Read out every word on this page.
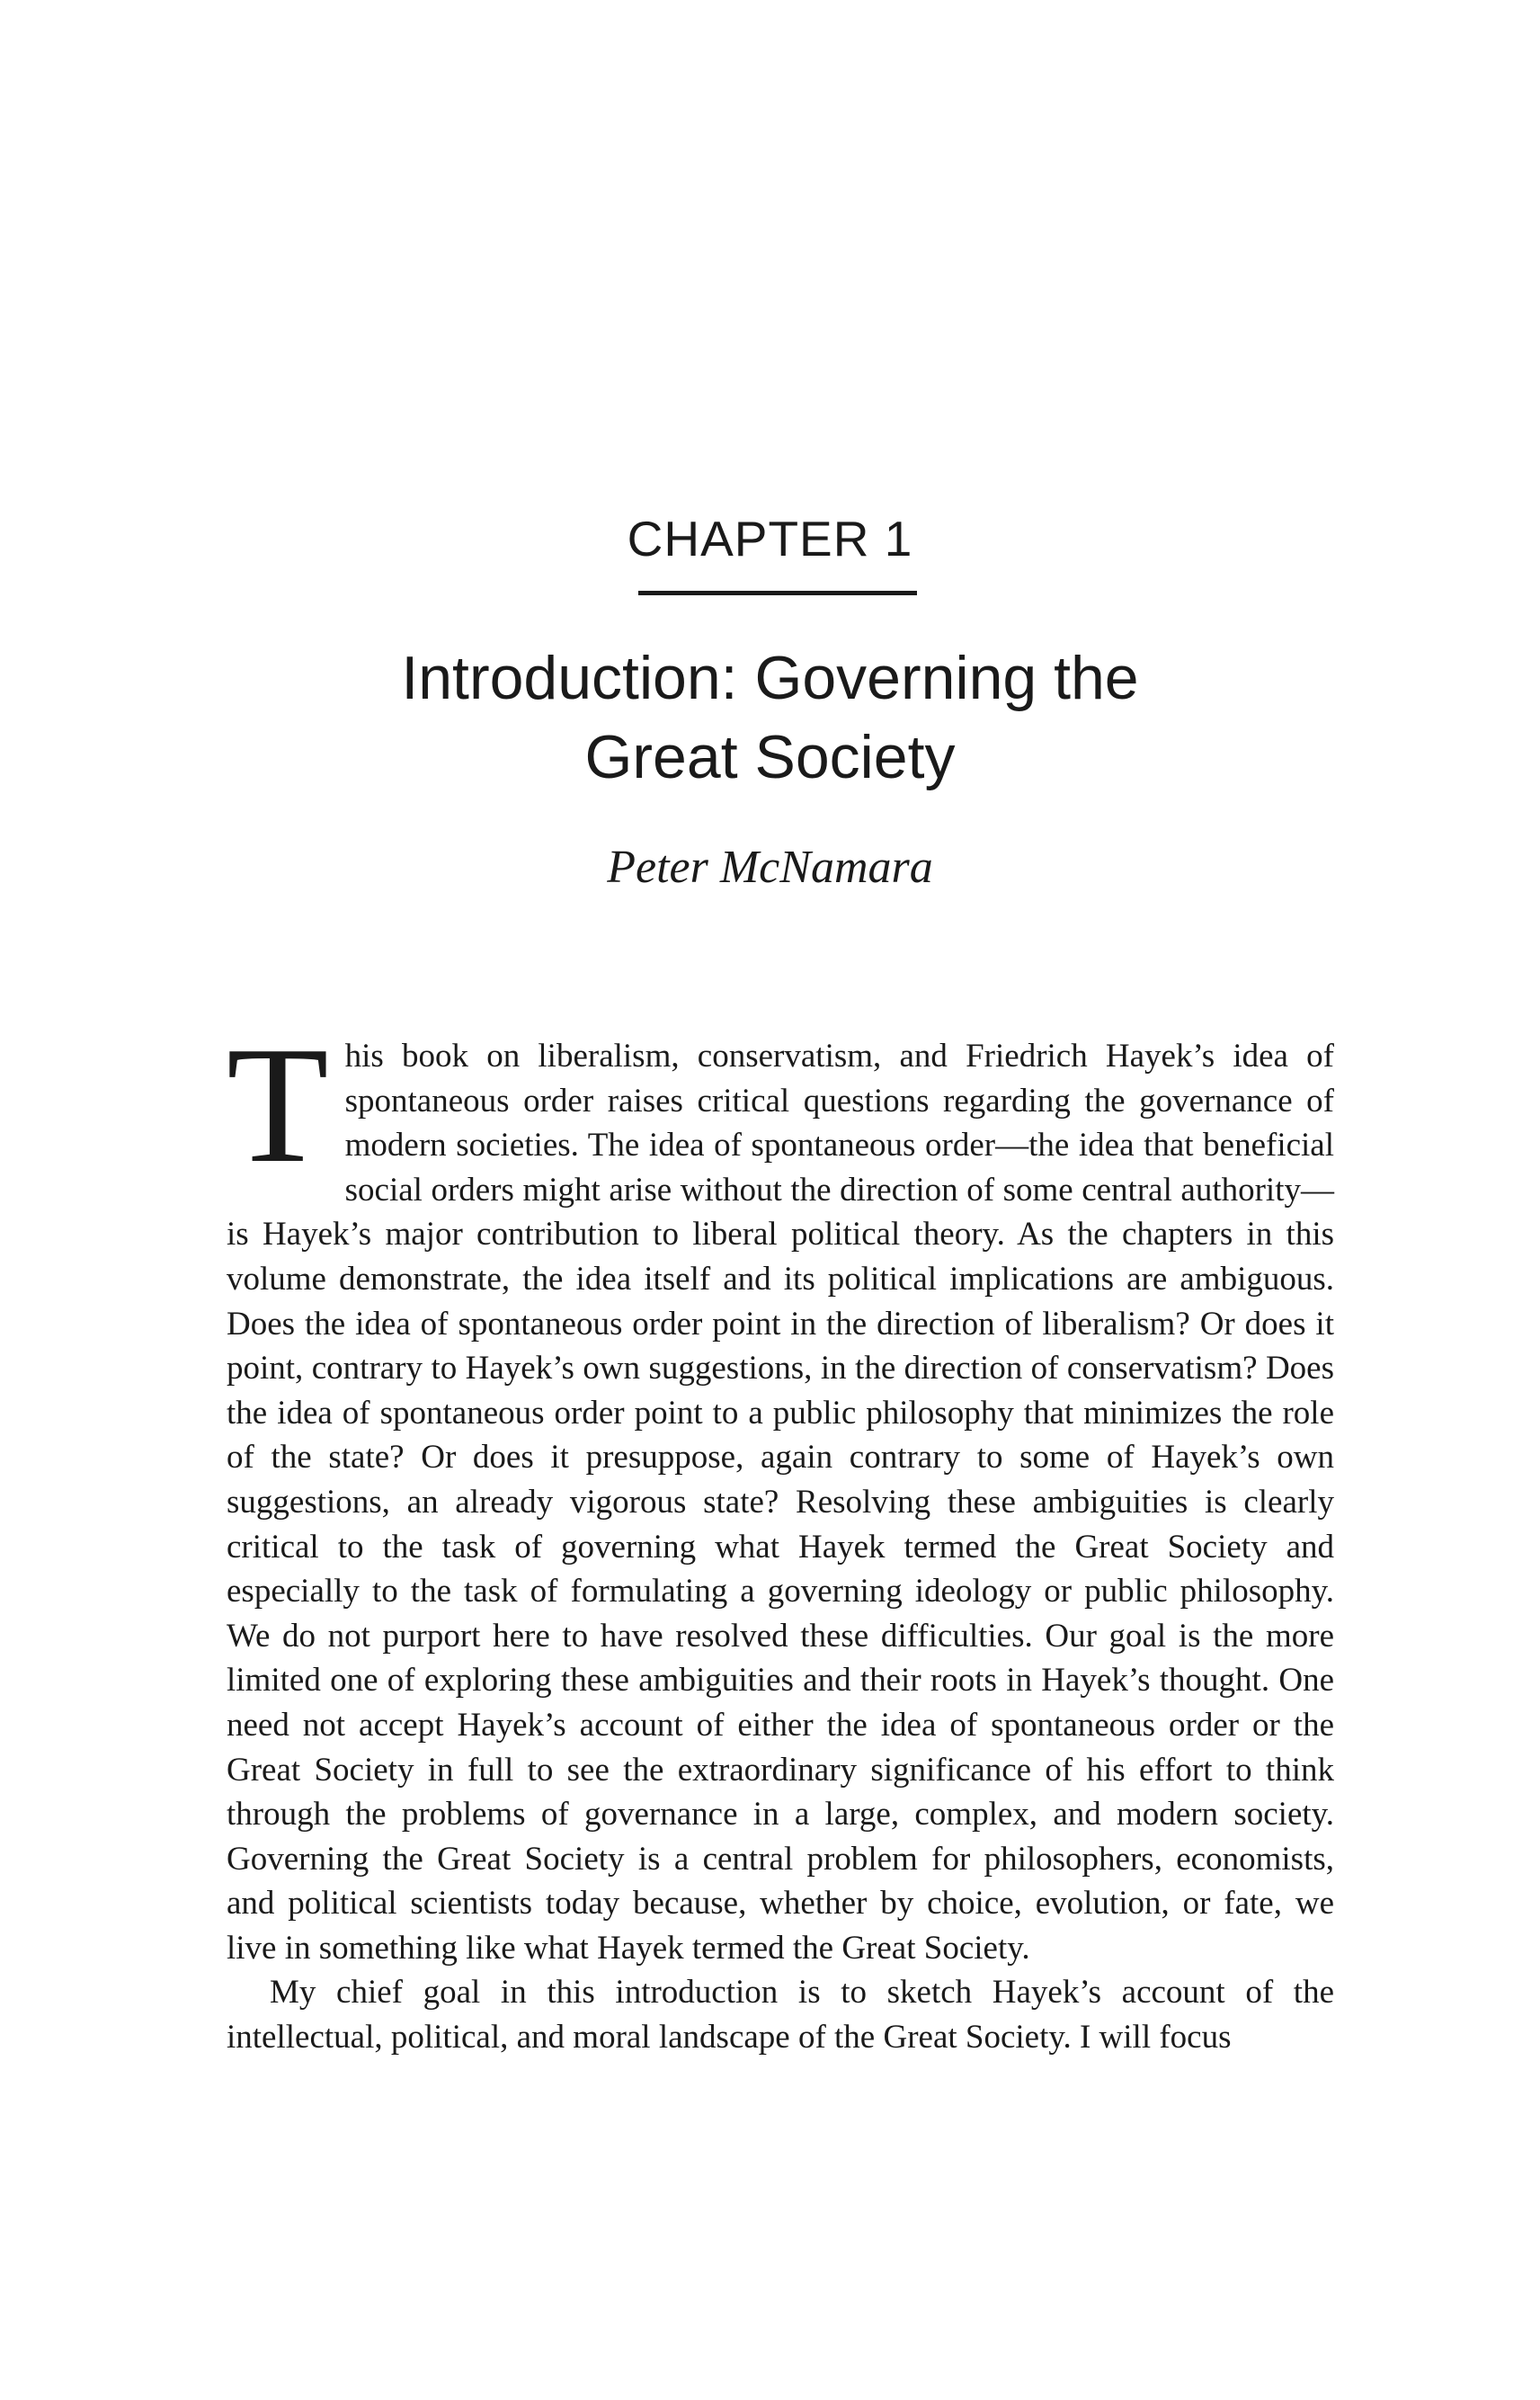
CHAPTER 1
Introduction: Governing the
Great Society
Peter McNamara

This book on liberalism, conservatism, and Friedrich Hayek’s idea of spontaneous order raises critical questions regarding the governance of modern societies. The idea of spontaneous order—the idea that beneficial social orders might arise without the direction of some central authority—is Hayek’s major contribution to liberal political theory. As the chapters in this volume demonstrate, the idea itself and its political implications are ambiguous. Does the idea of spontaneous order point in the direction of liberalism? Or does it point, contrary to Hayek’s own suggestions, in the direction of conservatism? Does the idea of spontaneous order point to a public philosophy that minimizes the role of the state? Or does it presuppose, again contrary to some of Hayek’s own suggestions, an already vigorous state? Resolving these ambiguities is clearly critical to the task of governing what Hayek termed the Great Society and especially to the task of formulating a governing ideology or public philosophy. We do not purport here to have resolved these difficulties. Our goal is the more limited one of exploring these ambiguities and their roots in Hayek’s thought. One need not accept Hayek’s account of either the idea of spontaneous order or the Great Society in full to see the extraordinary significance of his effort to think through the problems of governance in a large, complex, and modern society. Governing the Great Society is a central problem for philosophers, economists, and political scientists today because, whether by choice, evolution, or fate, we live in something like what Hayek termed the Great Society.

My chief goal in this introduction is to sketch Hayek’s account of the intellectual, political, and moral landscape of the Great Society. I will focus
